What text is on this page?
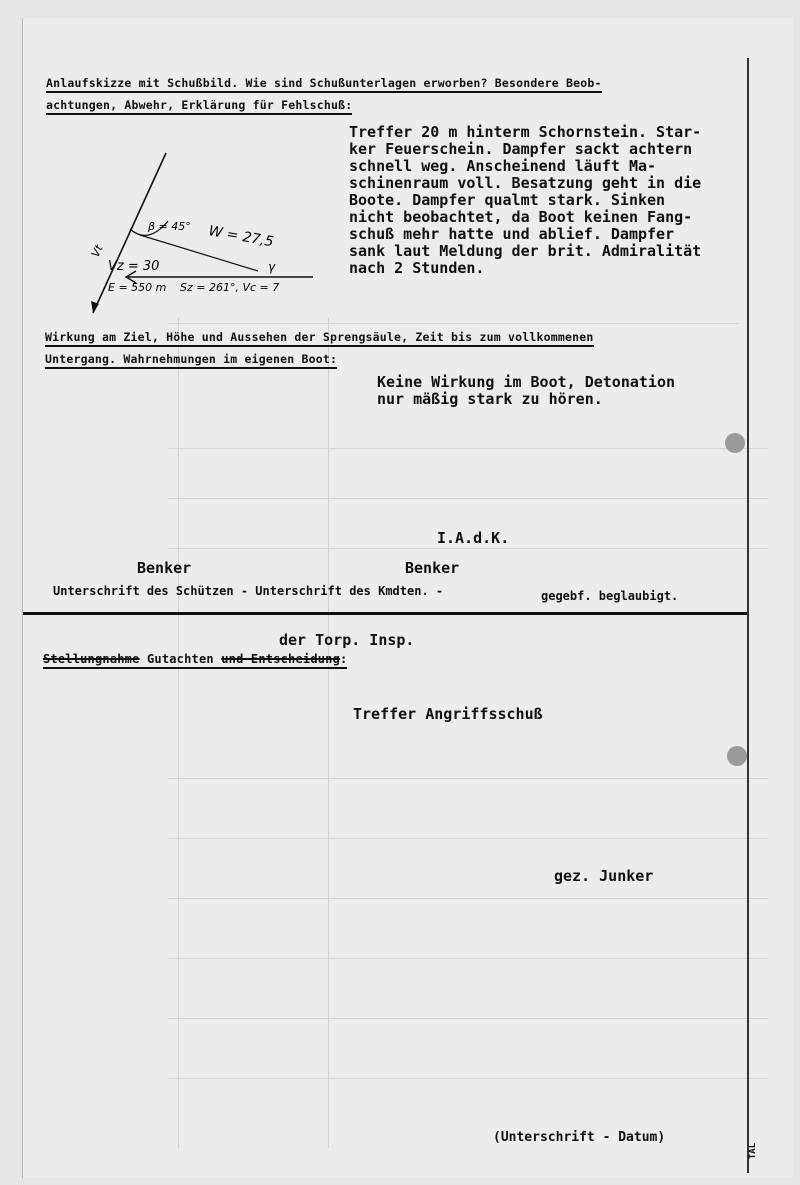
Anlaufskizze mit Schußbild. Wie sind Schußunterlagen erworben? Besondere Beob-
achtungen, Abwehr, Erklärung für Fehlschuß:
β = 45° W = 27,5
Vz = 30
E = 550 m Sz = 261°, Vc = 7
Vt
γ
Treffer 20 m hinterm Schornstein. Star-
ker Feuerschein. Dampfer sackt achtern
schnell weg. Anscheinend läuft Ma-
schinenraum voll. Besatzung geht in die
Boote. Dampfer qualmt stark. Sinken
nicht beobachtet, da Boot keinen Fang-
schuß mehr hatte und ablief. Dampfer
sank laut Meldung der brit. Admiralität
nach 2 Stunden.
Wirkung am Ziel, Höhe und Aussehen der Sprengsäule, Zeit bis zum vollkommenen
Untergang. Wahrnehmungen im eigenen Boot:
Keine Wirkung im Boot, Detonation
nur mäßig stark zu hören.
I.A.d.K.
Benker	Benker
Unterschrift des Schützen - Unterschrift des Kmdten. -	gegebf. beglaubigt.
der Torp. Insp.
Stellungnahme Gutachten und Entscheidung:
Treffer Angriffsschuß
gez. Junker
(Unterschrift - Datum)
TAL
